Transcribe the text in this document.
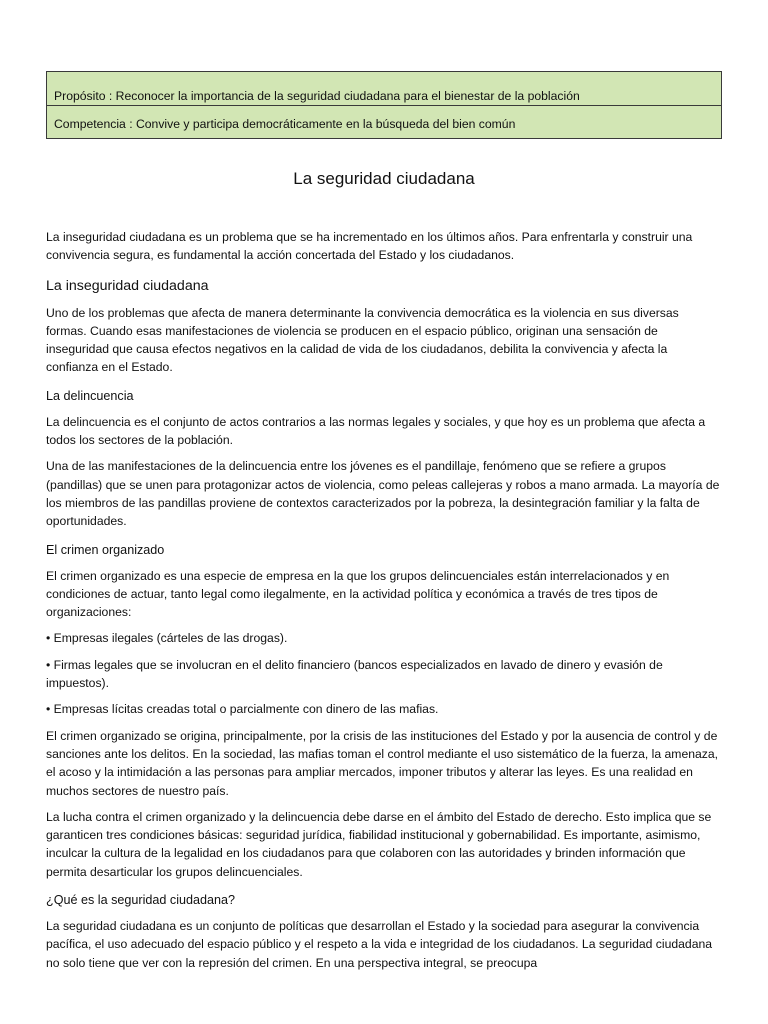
Propósito : Reconocer la importancia de la seguridad ciudadana para el bienestar de la población
Competencia : Convive y participa democráticamente en la búsqueda del bien común
La seguridad ciudadana

La inseguridad ciudadana es un problema que se ha incrementado en los últimos años. Para enfrentarla y construir una convivencia segura, es fundamental la acción concertada del Estado y los ciudadanos.

La inseguridad ciudadana

Uno de los problemas que afecta de manera determinante la convivencia democrática es la violencia en sus diversas formas. Cuando esas manifestaciones de violencia se producen en el espacio público, originan una sensación de inseguridad que causa efectos negativos en la calidad de vida de los ciudadanos, debilita la convivencia y afecta la confianza en el Estado.

La delincuencia

La delincuencia es el conjunto de actos contrarios a las normas legales y sociales, y que hoy es un problema que afecta a todos los sectores de la población.

Una de las manifestaciones de la delincuencia entre los jóvenes es el pandillaje, fenómeno que se refiere a grupos (pandillas) que se unen para protagonizar actos de violencia, como peleas callejeras y robos a mano armada. La mayoría de los miembros de las pandillas proviene de contextos caracterizados por la pobreza, la desintegración familiar y la falta de oportunidades.

El crimen organizado

El crimen organizado es una especie de empresa en la que los grupos delincuenciales están interrelacionados y en condiciones de actuar, tanto legal como ilegalmente, en la actividad política y económica a través de tres tipos de organizaciones:

• Empresas ilegales (cárteles de las drogas).

• Firmas legales que se involucran en el delito financiero (bancos especializados en lavado de dinero y evasión de impuestos).

• Empresas lícitas creadas total o parcialmente con dinero de las mafias.

El crimen organizado se origina, principalmente, por la crisis de las instituciones del Estado y por la ausencia de control y de sanciones ante los delitos. En la sociedad, las mafias toman el control mediante el uso sistemático de la fuerza, la amenaza, el acoso y la intimidación a las personas para ampliar mercados, imponer tributos y alterar las leyes. Es una realidad en muchos sectores de nuestro país.

La lucha contra el crimen organizado y la delincuencia debe darse en el ámbito del Estado de derecho. Esto implica que se garanticen tres condiciones básicas: seguridad jurídica, fiabilidad institucional y gobernabilidad. Es importante, asimismo, inculcar la cultura de la legalidad en los ciudadanos para que colaboren con las autoridades y brinden información que permita desarticular los grupos delincuenciales.

¿Qué es la seguridad ciudadana?

La seguridad ciudadana es un conjunto de políticas que desarrollan el Estado y la sociedad para asegurar la convivencia pacífica, el uso adecuado del espacio público y el respeto a la vida e integridad de los ciudadanos. La seguridad ciudadana no solo tiene que ver con la represión del crimen. En una perspectiva integral, se preocupa
